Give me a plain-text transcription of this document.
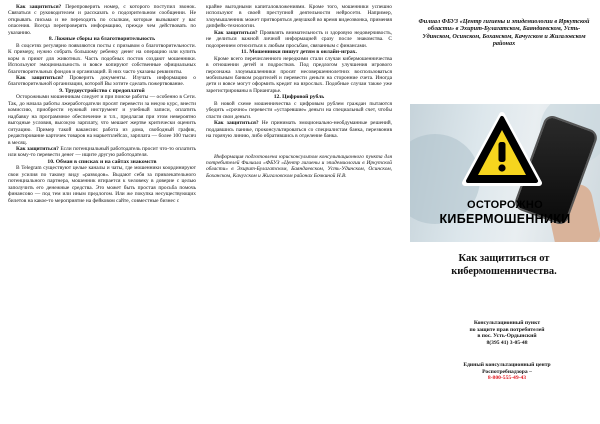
Как защититься? Перепроверить номер, с которого поступил звонок. Связаться с руководителем и рассказать о подозрительном сообщении. Не открывать письма и не переходить по ссылкам, которые вызывают у вас опасения. Всегда перепроверять информацию, прежде чем действовать по указанию.

8. Ложные сборы на благотворительность

В соцсетях регулярно появляются посты с призывом о благотворительности. К примеру, нужно собрать большому ребенку денег на операцию или купить корм в приют для животных. Часть подобных постов создают мошенники. Используют эмоциональность и вовсе копируют собственные официальных благотворительных фондов и организаций. В них часто указаны реквизиты.

Как защититься? Проверить документы. Изучать информацию о благотворительной организации, которой Вы хотите сделать пожертвование.

9. Трудоустройство с предоплатой

Осторожными мошенникам следует и при поиске работы — особенно в Сети. Так, до начала работы лжеработодатели просят перевести за некую курс, внести комиссию, приобрести нужный инструмент и учебный записи, оплатить надбавку на программное обеспечение и т.п., предлагая при этом невероятно выгодные условия, высокую зарплату, что мешает жертве критически оценить ситуацию. Пример такой вакансии: работа из дома, свободный график, редактирование карточек товаров на маркетплейсах, зарплата — более 100 тысяч в месяц.

Как защититься? Если потенциальный работодатель просит что-то оплатить или кому-то перевести денег — ищите другую работодателя.

10. Обман в спискаx и на сайтах знакомств

В Telegram существуют целые каналы и чаты, где мошенники координируют свои усилия по такому виду «разводов». Выдают себя за привлекательного потенциального партнера, мошенник втирается к человеку в доверие с целью заполучить его денежные средства. Это может быть простая просьба помочь финансово — под тем или иным предлогом. Или же покупка несуществующих билетов на какое-то мероприятие на фейковом сайте, совместные бизнес с

крайне выгодными капиталовложениями. Кроме того, мошенники успешно используют в своей преступной деятельности нейросети. Например, злоумышленник может притворяться девушкой во время видеозвонка, применяя дипфейк-технологии.

Как защититься? Проявлять внимательность и здоровую недоверчивость, не делиться важной личной информацией сразу после знакомства. С подозрением относиться к любым просьбам, связанным с финансами.

11. Мошенники пишут детям в онлайн-играх.

Кроме всего перечисленного нередкими стали случаи кибермошенничества в отношении детей и подростков. Под предлогом улучшения игрового персонажа злоумышленники просят несовершеннолетних воспользоваться мобильным банком родителей и перевести деньги на сторонние счета. Иногда дети и вовсе могут оформить кредит на взрослых. Подобные случаи также уже зарегистрированы в Приангарье.

12. Цифровой рубль

В новой схеме мошенничества с цифровым рублем граждан пытаются убедить «срочно» перевести «устаревшие» деньги на специальный счет, чтобы спасти свои деньги.

Как защититься? Не принимать эмоционально-необдуманные решений, поддавшись панике, проконсультироваться со специалистам банка, перезвонив на горячую линию, либо обратившись в отделение банка.

Информация подготовлена юрисконсультом консультационного пункта для потребителей Филиала «ФБУЗ «Центр гигиены и эпидемиологии в Иркутской области» в Эхирит-Булагатском, Баяндаевском, Усть-Удинском, Осинском, Боханском, Качугском и Жигаловском районах Бочкиной Н.В.

Филиал ФБУЗ «Центр гигиены и эпидемиологии в Иркутской области» в Эхирит-Булагатском, Баяндаевском, Усть-Удинском, Осинском, Боханском, Качугском и Жигаловском районах
ОСТОРОЖНО
КИБЕРМОШЕННИКИ
Как защититься от кибермошенничества.
Консультационный пункт
по защите прав потребителей
в пос. Усть-Ордынский
8(395 41) 3-05-48
Единый консультационный центр
Роспотребнадзора –
8-800-555-49-43
